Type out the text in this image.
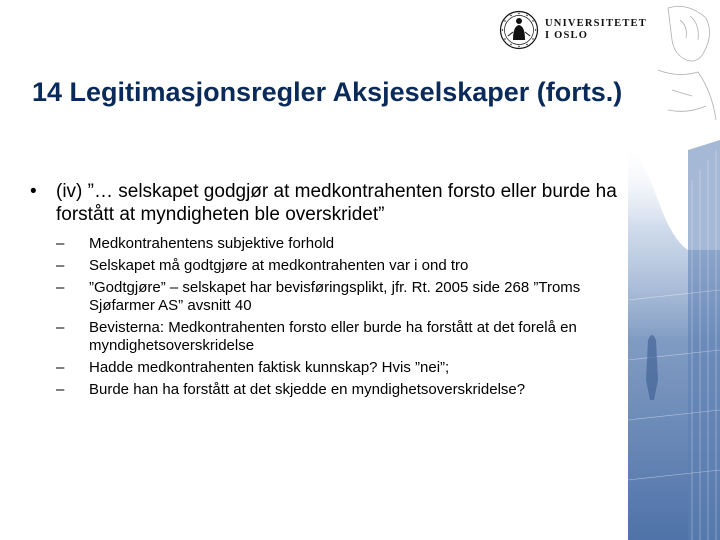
UNIVERSITETET
I OSLO
14 Legitimasjonsregler Aksjeselskaper (forts.)
• (iv) ”… selskapet godgjør at medkontrahenten forsto eller burde ha forstått at myndigheten ble overskridet”
– Medkontrahentens subjektive forhold
– Selskapet må godtgjøre at medkontrahenten var i ond tro
– ”Godtgjøre” – selskapet har bevisføringsplikt, jfr. Rt. 2005 side 268 ”Troms Sjøfarmer AS” avsnitt 40
– Bevisterna: Medkontrahenten forsto eller burde ha forstått at det forelå en myndighetsoverskridelse
– Hadde medkontrahenten faktisk kunnskap? Hvis ”nei”;
– Burde han ha forstått at det skjedde en myndighetsoverskridelse?
